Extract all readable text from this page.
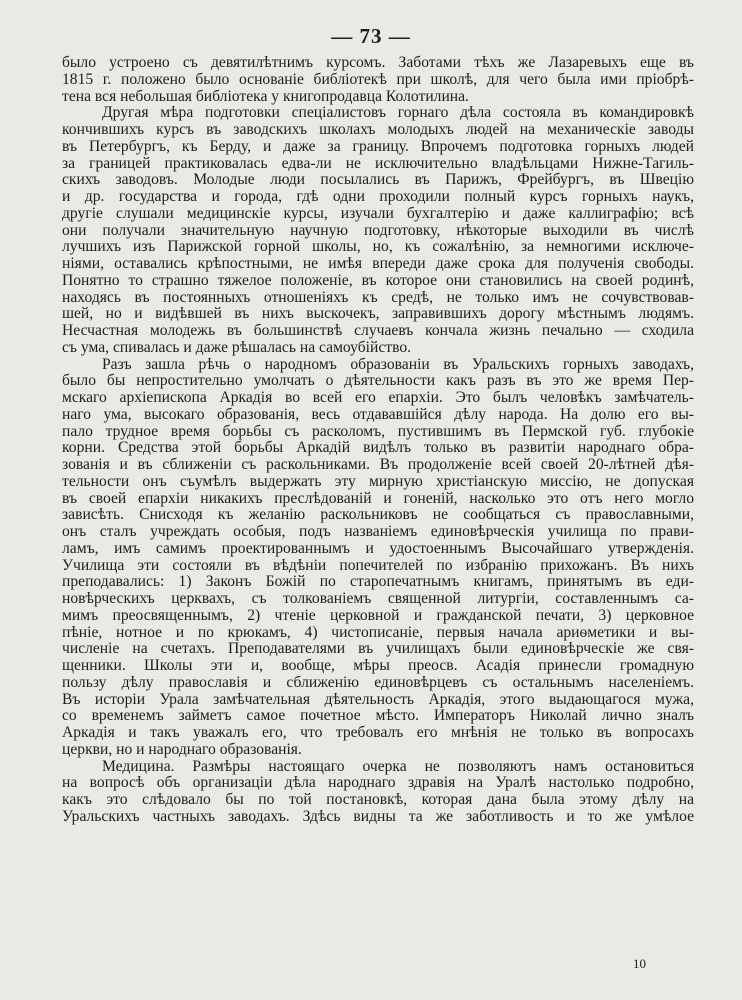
— 73 —
было устроено съ девятилѣтнимъ курсомъ. Заботами тѣхъ же Лазаревыхъ еще въ
1815 г. положено было основаніе библіотекѣ при школѣ, для чего была ими пріобрѣ-
тена вся небольшая библіотека у книгопродавца Колотилина.
Другая мѣра подготовки спеціалистовъ горнаго дѣла состояла въ командировкѣ
кончившихъ курсъ въ заводскихъ школахъ молодыхъ людей на механическіе заводы
въ Петербургъ, къ Берду, и даже за границу. Впрочемъ подготовка горныхъ людей
за границей практиковалась едва-ли не исключительно владѣльцами Нижне-Тагиль-
скихъ заводовъ. Молодые люди посылались въ Парижъ, Фрейбургъ, въ Швецію
и др. государства и города, гдѣ одни проходили полный курсъ горныхъ наукъ,
другіе слушали медицинскіе курсы, изучали бухгалтерію и даже каллиграфію; всѣ
они получали значительную научную подготовку, нѣкоторые выходили въ числѣ
лучшихъ изъ Парижской горной школы, но, къ сожалѣнію, за немногими исключе-
ніями, оставались крѣпостными, не имѣя впереди даже срока для полученія свободы.
Понятно то страшно тяжелое положеніе, въ которое они становились на своей родинѣ,
находясь въ постоянныхъ отношеніяхъ къ средѣ, не только имъ не сочувствовав-
шей, но и видѣвшей въ нихъ выскочекъ, заправившихъ дорогу мѣстнымъ людямъ.
Несчастная молодежь въ большинствѣ случаевъ кончала жизнь печально — сходила
съ ума, спивалась и даже рѣшалась на самоубійство.
Разъ зашла рѣчь о народномъ образованіи въ Уральскихъ горныхъ заводахъ,
было бы непростительно умолчать о дѣятельности какъ разъ въ это же время Пер-
мскаго архіепископа Аркадія во всей его епархіи. Это былъ человѣкъ замѣчатель-
наго ума, высокаго образованія, весь отдававшійся дѣлу народа. На долю его вы-
пало трудное время борьбы съ расколомъ, пустившимъ въ Пермской губ. глубокіе
корни. Средства этой борьбы Аркадій видѣлъ только въ развитіи народнаго обра-
зованія и въ сближеніи съ раскольниками. Въ продолженіе всей своей 20-лѣтней дѣя-
тельности онъ съумѣлъ выдержать эту мирную христіанскую миссію, не допуская
въ своей епархіи никакихъ преслѣдованій и гоненій, насколько это отъ него могло
зависѣть. Снисходя къ желанію раскольниковъ не сообщаться съ православными,
онъ сталъ учреждать особыя, подъ названіемъ единовѣрческія училища по прави-
ламъ, имъ самимъ проектированнымъ и удостоеннымъ Высочайшаго утвержденія.
Училища эти состояли въ вѣдѣніи попечителей по избранію прихожанъ. Въ нихъ
преподавались: 1) Законъ Божій по старопечатнымъ книгамъ, принятымъ въ еди-
новѣрческихъ церквахъ, съ толкованіемъ священной литургіи, составленнымъ са-
мимъ преосвященнымъ, 2) чтеніе церковной и гражданской печати, 3) церковное
пѣніе, нотное и по крюкамъ, 4) чистописаніе, первыя начала ариѳметики и вы-
численіе на счетахъ. Преподавателями въ училищахъ были единовѣрческіе же свя-
щенники. Школы эти и, вообще, мѣры преосв. Асадія принесли громадную
пользу дѣлу православія и сближенію единовѣрцевъ съ остальнымъ населеніемъ.
Въ исторіи Урала замѣчательная дѣятельность Аркадія, этого выдающагося мужа,
со временемъ займетъ самое почетное мѣсто. Императоръ Николай лично зналъ
Аркадія и такъ уважалъ его, что требовалъ его мнѣнія не только въ вопросахъ
церкви, но и народнаго образованія.
Медицина. Размѣры настоящаго очерка не позволяютъ намъ остановиться
на вопросѣ объ организаціи дѣла народнаго здравія на Уралѣ настолько подробно,
какъ это слѣдовало бы по той постановкѣ, которая дана была этому дѣлу на
Уральскихъ частныхъ заводахъ. Здѣсь видны та же заботливость и то же умѣлое
10
